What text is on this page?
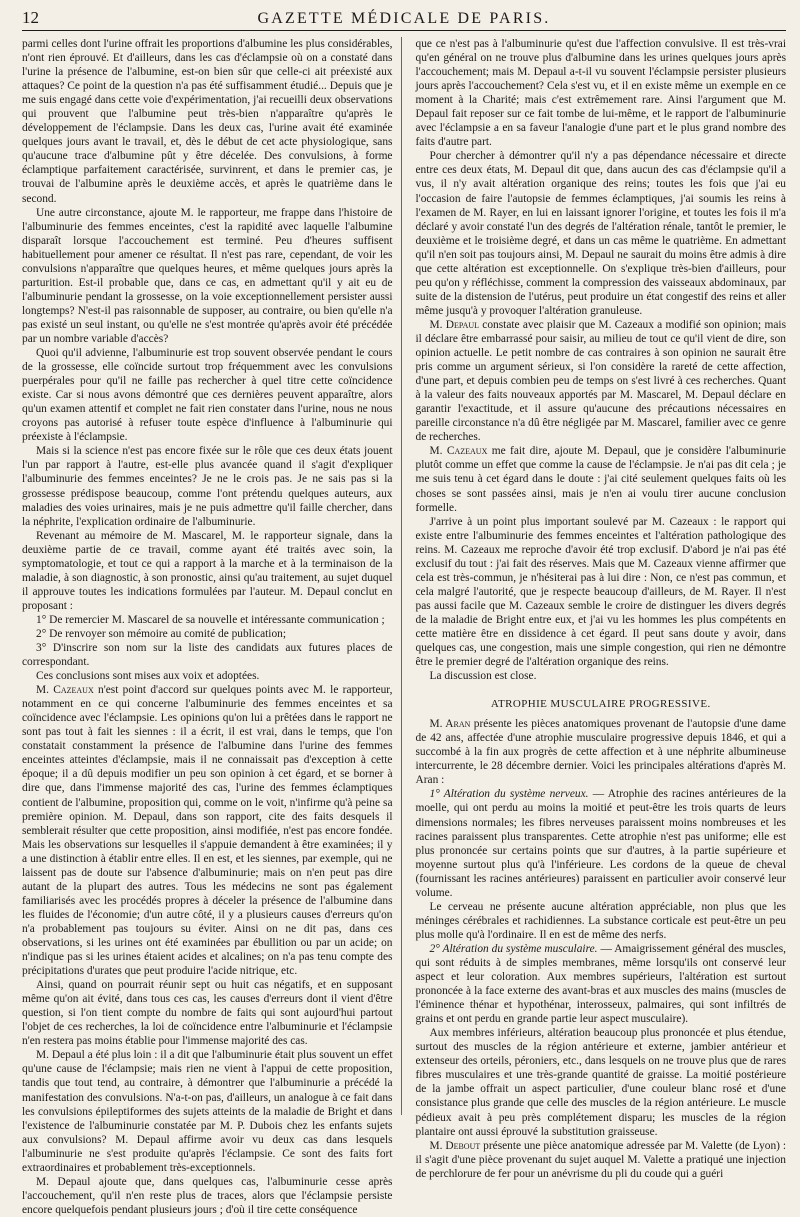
12	GAZETTE MÉDICALE DE PARIS.

parmi celles dont l'urine offrait les proportions d'albumine les plus considérables, n'ont rien éprouvé. Et d'ailleurs, dans les cas d'éclampsie où on a constaté dans l'urine la présence de l'albumine, est-on bien sûr que celle-ci ait préexisté aux attaques? Ce point de la question n'a pas été suffisamment étudié... Depuis que je me suis engagé dans cette voie d'expérimentation, j'ai recueilli deux observations qui prouvent que l'albumine peut très-bien n'apparaître qu'après le développement de l'éclampsie. Dans les deux cas, l'urine avait été examinée quelques jours avant le travail, et, dès le début de cet acte physiologique, sans qu'aucune trace d'albumine pût y être décelée. Des convulsions, à forme éclamptique parfaitement caractérisée, survinrent, et dans le premier cas, je trouvai de l'albumine après le deuxième accès, et après le quatrième dans le second.

Une autre circonstance, ajoute M. le rapporteur, me frappe dans l'histoire de l'albuminurie des femmes enceintes, c'est la rapidité avec laquelle l'albumine disparaît lorsque l'accouchement est terminé. Peu d'heures suffisent habituellement pour amener ce résultat. Il n'est pas rare, cependant, de voir les convulsions n'apparaître que quelques heures, et même quelques jours après la parturition. Est-il probable que, dans ce cas, en admettant qu'il y ait eu de l'albuminurie pendant la grossesse, on la voie exceptionnellement persister aussi longtemps? N'est-il pas raisonnable de supposer, au contraire, ou bien qu'elle n'a pas existé un seul instant, ou qu'elle ne s'est montrée qu'après avoir été précédée par un nombre variable d'accès?

Quoi qu'il advienne, l'albuminurie est trop souvent observée pendant le cours de la grossesse, elle coïncide surtout trop fréquemment avec les convulsions puerpérales pour qu'il ne faille pas rechercher à quel titre cette coïncidence existe. Car si nous avons démontré que ces dernières peuvent apparaître, alors qu'un examen attentif et complet ne fait rien constater dans l'urine, nous ne nous croyons pas autorisé à refuser toute espèce d'influence à l'albuminurie qui préexiste à l'éclampsie.

Mais si la science n'est pas encore fixée sur le rôle que ces deux états jouent l'un par rapport à l'autre, est-elle plus avancée quand il s'agit d'expliquer l'albuminurie des femmes enceintes? Je ne le crois pas. Je ne sais pas si la grossesse prédispose beaucoup, comme l'ont prétendu quelques auteurs, aux maladies des voies urinaires, mais je ne puis admettre qu'il faille chercher, dans la néphrite, l'explication ordinaire de l'albuminurie.

Revenant au mémoire de M. Mascarel, M. le rapporteur signale, dans la deuxième partie de ce travail, comme ayant été traités avec soin, la symptomatologie, et tout ce qui a rapport à la marche et à la terminaison de la maladie, à son diagnostic, à son pronostic, ainsi qu'au traitement, au sujet duquel il approuve toutes les indications formulées par l'auteur. M. Depaul conclut en proposant :

1° De remercier M. Mascarel de sa nouvelle et intéressante communication ;

2° De renvoyer son mémoire au comité de publication;

3° D'inscrire son nom sur la liste des candidats aux futures places de correspondant.

Ces conclusions sont mises aux voix et adoptées.

M. Cazeaux n'est point d'accord sur quelques points avec M. le rapporteur, notamment en ce qui concerne l'albuminurie des femmes enceintes et sa coïncidence avec l'éclampsie. Les opinions qu'on lui a prêtées dans le rapport ne sont pas tout à fait les siennes : il a écrit, il est vrai, dans le temps, que l'on constatait constamment la présence de l'albumine dans l'urine des femmes enceintes atteintes d'éclampsie, mais il ne connaissait pas d'exception à cette époque; il a dû depuis modifier un peu son opinion à cet égard, et se borner à dire que, dans l'immense majorité des cas, l'urine des femmes éclamptiques contient de l'albumine, proposition qui, comme on le voit, n'infirme qu'à peine sa première opinion. M. Depaul, dans son rapport, cite des faits desquels il semblerait résulter que cette proposition, ainsi modifiée, n'est pas encore fondée. Mais les observations sur lesquelles il s'appuie demandent à être examinées; il y a une distinction à établir entre elles. Il en est, et les siennes, par exemple, qui ne laissent pas de doute sur l'absence d'albuminurie; mais on n'en peut pas dire autant de la plupart des autres. Tous les médecins ne sont pas également familiarisés avec les procédés propres à déceler la présence de l'albumine dans les fluides de l'économie; d'un autre côté, il y a plusieurs causes d'erreurs qu'on n'a probablement pas toujours su éviter. Ainsi on ne dit pas, dans ces observations, si les urines ont été examinées par ébullition ou par un acide; on n'indique pas si les urines étaient acides et alcalines; on n'a pas tenu compte des précipitations d'urates que peut produire l'acide nitrique, etc.

Ainsi, quand on pourrait réunir sept ou huit cas négatifs, et en supposant même qu'on ait évité, dans tous ces cas, les causes d'erreurs dont il vient d'être question, si l'on tient compte du nombre de faits qui sont aujourd'hui partout l'objet de ces recherches, la loi de coïncidence entre l'albuminurie et l'éclampsie n'en restera pas moins établie pour l'immense majorité des cas.

M. Depaul a été plus loin : il a dit que l'albuminurie était plus souvent un effet qu'une cause de l'éclampsie; mais rien ne vient à l'appui de cette proposition, tandis que tout tend, au contraire, à démontrer que l'albuminurie a précédé la manifestation des convulsions. N'a-t-on pas, d'ailleurs, un analogue à ce fait dans les convulsions épileptiformes des sujets atteints de la maladie de Bright et dans l'existence de l'albuminurie constatée par M. P. Dubois chez les enfants sujets aux convulsions? M. Depaul affirme avoir vu deux cas dans lesquels l'albuminurie ne s'est produite qu'après l'éclampsie. Ce sont des faits fort extraordinaires et probablement très-exceptionnels.

M. Depaul ajoute que, dans quelques cas, l'albuminurie cesse après l'accouchement, qu'il n'en reste plus de traces, alors que l'éclampsie persiste encore quelquefois pendant plusieurs jours ; d'où il tire cette conséquence

que ce n'est pas à l'albuminurie qu'est due l'affection convulsive. Il est très-vrai qu'en général on ne trouve plus d'albumine dans les urines quelques jours après l'accouchement; mais M. Depaul a-t-il vu souvent l'éclampsie persister plusieurs jours après l'accouchement? Cela s'est vu, et il en existe même un exemple en ce moment à la Charité; mais c'est extrêmement rare. Ainsi l'argument que M. Depaul fait reposer sur ce fait tombe de lui-même, et le rapport de l'albuminurie avec l'éclampsie a en sa faveur l'analogie d'une part et le plus grand nombre des faits d'autre part.

Pour chercher à démontrer qu'il n'y a pas dépendance nécessaire et directe entre ces deux états, M. Depaul dit que, dans aucun des cas d'éclampsie qu'il a vus, il n'y avait altération organique des reins; toutes les fois que j'ai eu l'occasion de faire l'autopsie de femmes éclamptiques, j'ai soumis les reins à l'examen de M. Rayer, en lui en laissant ignorer l'origine, et toutes les fois il m'a déclaré y avoir constaté l'un des degrés de l'altération rénale, tantôt le premier, le deuxième et le troisième degré, et dans un cas même le quatrième. En admettant qu'il n'en soit pas toujours ainsi, M. Depaul ne saurait du moins être admis à dire que cette altération est exceptionnelle. On s'explique très-bien d'ailleurs, pour peu qu'on y réfléchisse, comment la compression des vaisseaux abdominaux, par suite de la distension de l'utérus, peut produire un état congestif des reins et aller même jusqu'à y provoquer l'altération granuleuse.

M. Depaul constate avec plaisir que M. Cazeaux a modifié son opinion; mais il déclare être embarrassé pour saisir, au milieu de tout ce qu'il vient de dire, son opinion actuelle. Le petit nombre de cas contraires à son opinion ne saurait être pris comme un argument sérieux, si l'on considère la rareté de cette affection, d'une part, et depuis combien peu de temps on s'est livré à ces recherches. Quant à la valeur des faits nouveaux apportés par M. Mascarel, M. Depaul déclare en garantir l'exactitude, et il assure qu'aucune des précautions nécessaires en pareille circonstance n'a dû être négligée par M. Mascarel, familier avec ce genre de recherches.

M. Cazeaux me fait dire, ajoute M. Depaul, que je considère l'albuminurie plutôt comme un effet que comme la cause de l'éclampsie. Je n'ai pas dit cela ; je me suis tenu à cet égard dans le doute : j'ai cité seulement quelques faits où les choses se sont passées ainsi, mais je n'en ai voulu tirer aucune conclusion formelle.

J'arrive à un point plus important soulevé par M. Cazeaux : le rapport qui existe entre l'albuminurie des femmes enceintes et l'altération pathologique des reins. M. Cazeaux me reproche d'avoir été trop exclusif. D'abord je n'ai pas été exclusif du tout : j'ai fait des réserves. Mais que M. Cazeaux vienne affirmer que cela est très-commun, je n'hésiterai pas à lui dire : Non, ce n'est pas commun, et cela malgré l'autorité, que je respecte beaucoup d'ailleurs, de M. Rayer. Il n'est pas aussi facile que M. Cazeaux semble le croire de distinguer les divers degrés de la maladie de Bright entre eux, et j'ai vu les hommes les plus compétents en cette matière être en dissidence à cet égard. Il peut sans doute y avoir, dans quelques cas, une congestion, mais une simple congestion, qui rien ne démontre être le premier degré de l'altération organique des reins.

La discussion est close.

ATROPHIE MUSCULAIRE PROGRESSIVE.

M. Aran présente les pièces anatomiques provenant de l'autopsie d'une dame de 42 ans, affectée d'une atrophie musculaire progressive depuis 1846, et qui a succombé à la fin aux progrès de cette affection et à une néphrite albumineuse intercurrente, le 28 décembre dernier. Voici les principales altérations d'après M. Aran :

1° Altération du système nerveux. — Atrophie des racines antérieures de la moelle, qui ont perdu au moins la moitié et peut-être les trois quarts de leurs dimensions normales; les fibres nerveuses paraissent moins nombreuses et les racines paraissent plus transparentes. Cette atrophie n'est pas uniforme; elle est plus prononcée sur certains points que sur d'autres, à la partie supérieure et moyenne surtout plus qu'à l'inférieure. Les cordons de la queue de cheval (fournissant les racines antérieures) paraissent en particulier avoir conservé leur volume.

Le cerveau ne présente aucune altération appréciable, non plus que les méninges cérébrales et rachidiennes. La substance corticale est peut-être un peu plus molle qu'à l'ordinaire. Il en est de même des nerfs.

2° Altération du système musculaire. — Amaigrissement général des muscles, qui sont réduits à de simples membranes, même lorsqu'ils ont conservé leur aspect et leur coloration. Aux membres supérieurs, l'altération est surtout prononcée à la face externe des avant-bras et aux muscles des mains (muscles de l'éminence thénar et hypothénar, interosseux, palmaires, qui sont infiltrés de grains et ont perdu en grande partie leur aspect musculaire).

Aux membres inférieurs, altération beaucoup plus prononcée et plus étendue, surtout des muscles de la région antérieure et externe, jambier antérieur et extenseur des orteils, péroniers, etc., dans lesquels on ne trouve plus que de rares fibres musculaires et une très-grande quantité de graisse. La moitié postérieure de la jambe offrait un aspect particulier, d'une couleur blanc rosé et d'une consistance plus grande que celle des muscles de la région antérieure. Le muscle pédieux avait à peu près complétement disparu; les muscles de la région plantaire ont aussi éprouvé la substitution graisseuse.

M. Debout présente une pièce anatomique adressée par M. Valette (de Lyon) : il s'agit d'une pièce provenant du sujet auquel M. Valette a pratiqué une injection de perchlorure de fer pour un anévrisme du pli du coude qui a guéri
